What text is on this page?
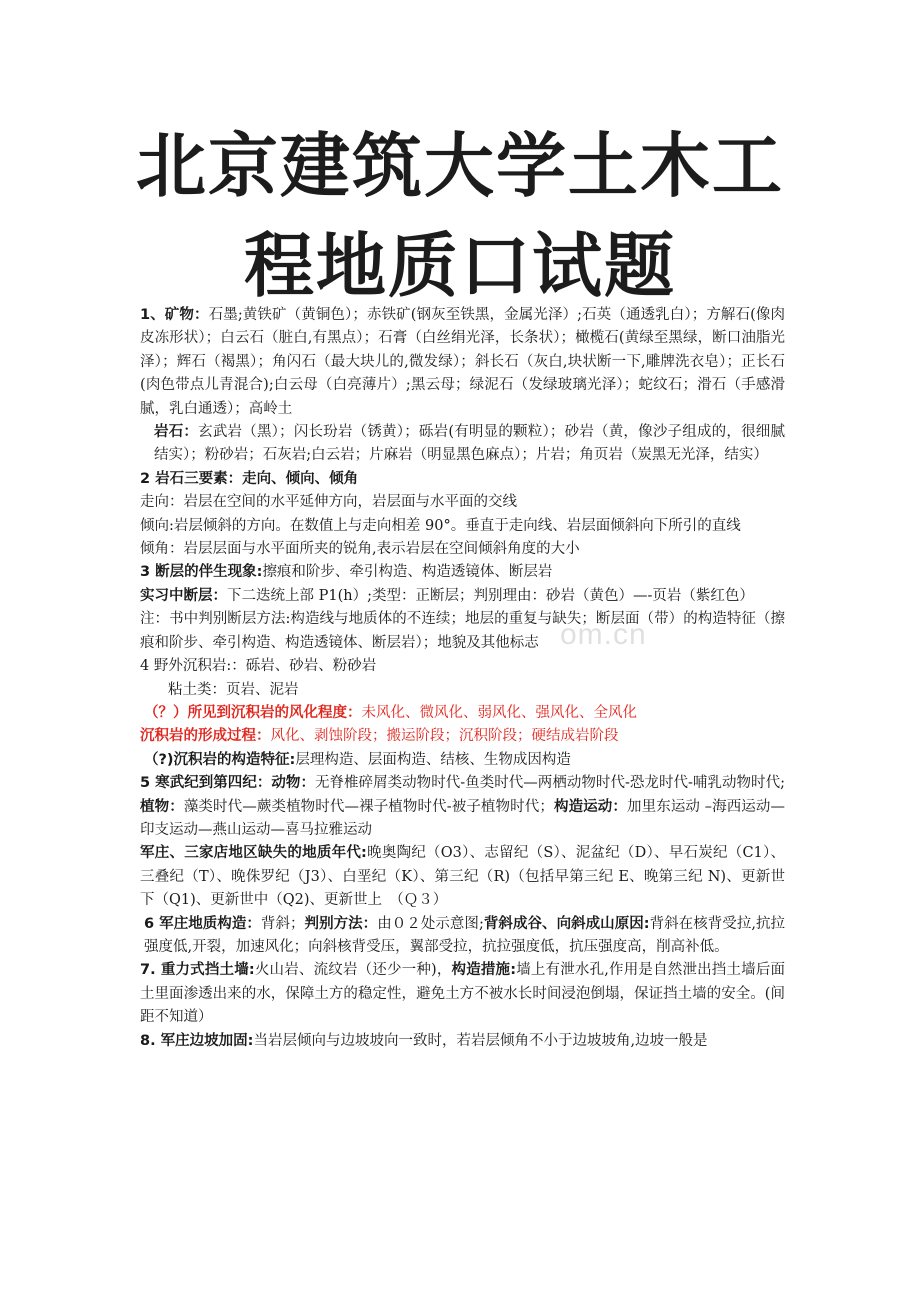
北京建筑大学土木工
程地质口试题
om.cn

1、矿物：石墨;黄铁矿（黄铜色）；赤铁矿(钢灰至铁黑，金属光泽）;石英（通透乳白）；方解石(像肉皮冻形状）；白云石（脏白,有黑点）；石膏（白丝绢光泽，长条状）；橄榄石(黄绿至黑绿，断口油脂光泽）；辉石（褐黑）；角闪石（最大块儿的,微发绿）；斜长石（灰白,块状断一下,雕牌洗衣皂）；正长石(肉色带点儿青混合);白云母（白亮薄片）;黑云母；绿泥石（发绿玻璃光泽）；蛇纹石；滑石（手感滑腻，乳白通透）；高岭土

岩石：玄武岩（黑）；闪长玢岩（锈黄）；砾岩(有明显的颗粒）；砂岩（黄，像沙子组成的，很细腻结实）；粉砂岩；石灰岩;白云岩；片麻岩（明显黑色麻点）；片岩；角页岩（炭黑无光泽，结实）

2 岩石三要素：走向、倾向、倾角

走向：岩层在空间的水平延伸方向，岩层面与水平面的交线

倾向:岩层倾斜的方向。在数值上与走向相差 90°。垂直于走向线、岩层面倾斜向下所引的直线

倾角：岩层层面与水平面所夹的锐角,表示岩层在空间倾斜角度的大小

3 断层的伴生现象:擦痕和阶步、牵引构造、构造透镜体、断层岩

实习中断层：下二迭统上部 P1(h）;类型：正断层；判别理由：砂岩（黄色）—-页岩（紫红色）

注：书中判别断层方法:构造线与地质体的不连续；地层的重复与缺失；断层面（带）的构造特征（擦痕和阶步、牵引构造、构造透镜体、断层岩）；地貌及其他标志

4 野外沉积岩:：砾岩、砂岩、粉砂岩

粘土类：页岩、泥岩

（？）所见到沉积岩的风化程度：未风化、微风化、弱风化、强风化、全风化

沉积岩的形成过程：风化、剥蚀阶段；搬运阶段；沉积阶段；硬结成岩阶段

（?)沉积岩的构造特征:层理构造、层面构造、结核、生物成因构造

5 寒武纪到第四纪：动物：无脊椎碎屑类动物时代-鱼类时代—两栖动物时代-恐龙时代-哺乳动物时代;植物：藻类时代—蕨类植物时代—裸子植物时代-被子植物时代；构造运动：加里东运动 –海西运动—印支运动—燕山运动—喜马拉雅运动

军庄、三家店地区缺失的地质年代:晚奥陶纪（O3）、志留纪（S）、泥盆纪（D）、早石炭纪（C1）、三叠纪（T）、晚侏罗纪（J3）、白垩纪（K）、第三纪（R)（包括早第三纪 E、晚第三纪 N)、更新世下（Q1)、更新世中（Q2)、更新世上　（Ｑ３）

6 军庄地质构造：背斜；判别方法：由０２处示意图;背斜成谷、向斜成山原因:背斜在核背受拉,抗拉强度低,开裂，加速风化；向斜核背受压，翼部受拉，抗拉强度低，抗压强度高，削高补低。

7. 重力式挡土墙:火山岩、流纹岩（还少一种)，构造措施:墙上有泄水孔,作用是自然泄出挡土墙后面土里面渗透出来的水，保障土方的稳定性，避免土方不被水长时间浸泡倒塌，保证挡土墙的安全。(间距不知道）

8. 军庄边坡加固:当岩层倾向与边坡坡向一致时，若岩层倾角不小于边坡坡角,边坡一般是
